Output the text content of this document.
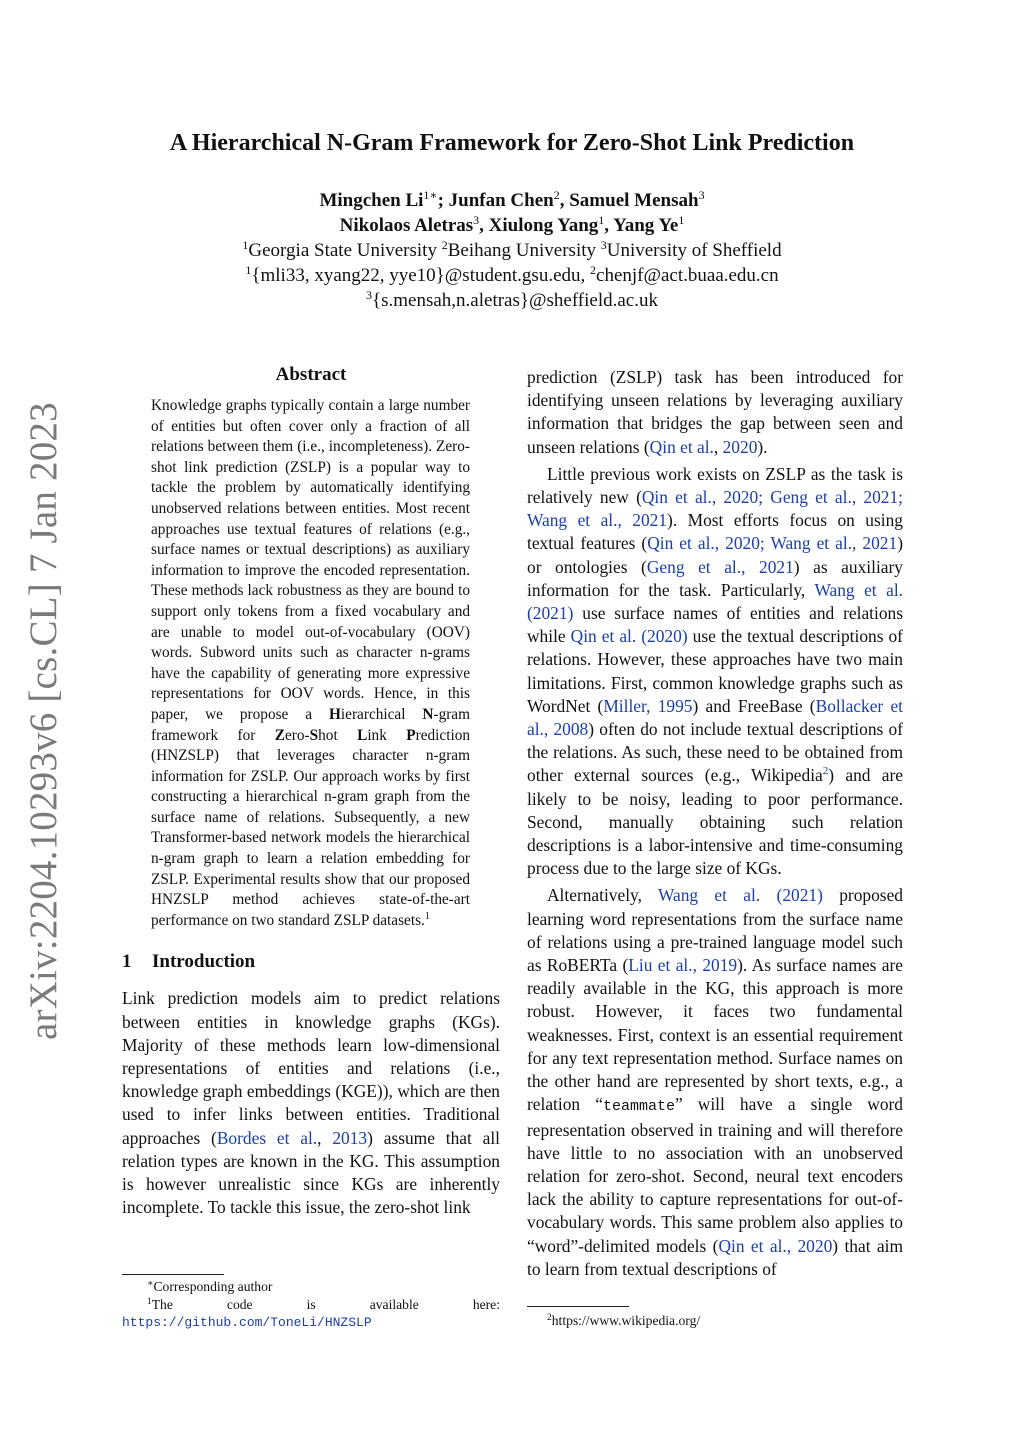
arXiv:2204.10293v6 [cs.CL] 7 Jan 2023
A Hierarchical N-Gram Framework for Zero-Shot Link Prediction
Mingchen $Li^{1∗}$; Junfan Chen$^2$, Samuel Mensah$^3$
Nikolaos Aletras$^3$, Xiulong Yang$^1$, Yang Ye$^1$
$^1$Georgia State University $^2$Beihang University $^3$University of Sheffield
$^1${mli33, xyang22, yye10}@student.gsu.edu, $^2$chenjf@act.buaa.edu.cn
$^3${s.mensah,n.aletras}@sheffield.ac.uk
Abstract
Knowledge graphs typically contain a large number of entities but often cover only a fraction of all relations between them (i.e., incompleteness). Zero-shot link prediction (ZSLP) is a popular way to tackle the problem by automatically identifying unobserved relations between entities. Most recent approaches use textual features of relations (e.g., surface names or textual descriptions) as auxiliary information to improve the encoded representation. These methods lack robustness as they are bound to support only tokens from a fixed vocabulary and are unable to model out-of-vocabulary (OOV) words. Subword units such as character n-grams have the capability of generating more expressive representations for OOV words. Hence, in this paper, we propose a Hierarchical N-gram framework for Zero-Shot Link Prediction (HNZSLP) that leverages character n-gram information for ZSLP. Our approach works by first constructing a hierarchical n-gram graph from the surface name of relations. Subsequently, a new Transformer-based network models the hierarchical n-gram graph to learn a relation embedding for ZSLP. Experimental results show that our proposed HNZSLP method achieves state-of-the-art performance on two standard ZSLP datasets.$^1$
1 Introduction

Link prediction models aim to predict relations between entities in knowledge graphs (KGs). Majority of these methods learn low-dimensional representations of entities and relations (i.e., knowledge graph embeddings (KGE)), which are then used to infer links between entities. Traditional approaches (Bordes et al., 2013) assume that all relation types are known in the KG. This assumption is however unrealistic since KGs are inherently incomplete. To tackle this issue, the zero-shot link

prediction (ZSLP) task has been introduced for identifying unseen relations by leveraging auxiliary information that bridges the gap between seen and unseen relations (Qin et al., 2020).

Little previous work exists on ZSLP as the task is relatively new (Qin et al., 2020; Geng et al., 2021; Wang et al., 2021). Most efforts focus on using textual features (Qin et al., 2020; Wang et al., 2021) or ontologies (Geng et al., 2021) as auxiliary information for the task. Particularly, Wang et al. (2021) use surface names of entities and relations while Qin et al. (2020) use the textual descriptions of relations. However, these approaches have two main limitations. First, common knowledge graphs such as WordNet (Miller, 1995) and FreeBase (Bollacker et al., 2008) often do not include textual descriptions of the relations. As such, these need to be obtained from other external sources (e.g., Wikipedia$^2$) and are likely to be noisy, leading to poor performance. Second, manually obtaining such relation descriptions is a labor-intensive and time-consuming process due to the large size of KGs.

Alternatively, Wang et al. (2021) proposed learning word representations from the surface name of relations using a pre-trained language model such as RoBERTa (Liu et al., 2019). As surface names are readily available in the KG, this approach is more robust. However, it faces two fundamental weaknesses. First, context is an essential requirement for any text representation method. Surface names on the other hand are represented by short texts, e.g., a relation “teammate” will have a single word representation observed in training and will therefore have little to no association with an unobserved relation for zero-shot. Second, neural text encoders lack the ability to capture representations for out-of-vocabulary words. This same problem also applies to “word”-delimited models (Qin et al., 2020) that aim to learn from textual descriptions of

∗Corresponding author
$^1$The code is available here: https://github.com/ToneLi/HNZSLP	$^2$https://www.wikipedia.org/
